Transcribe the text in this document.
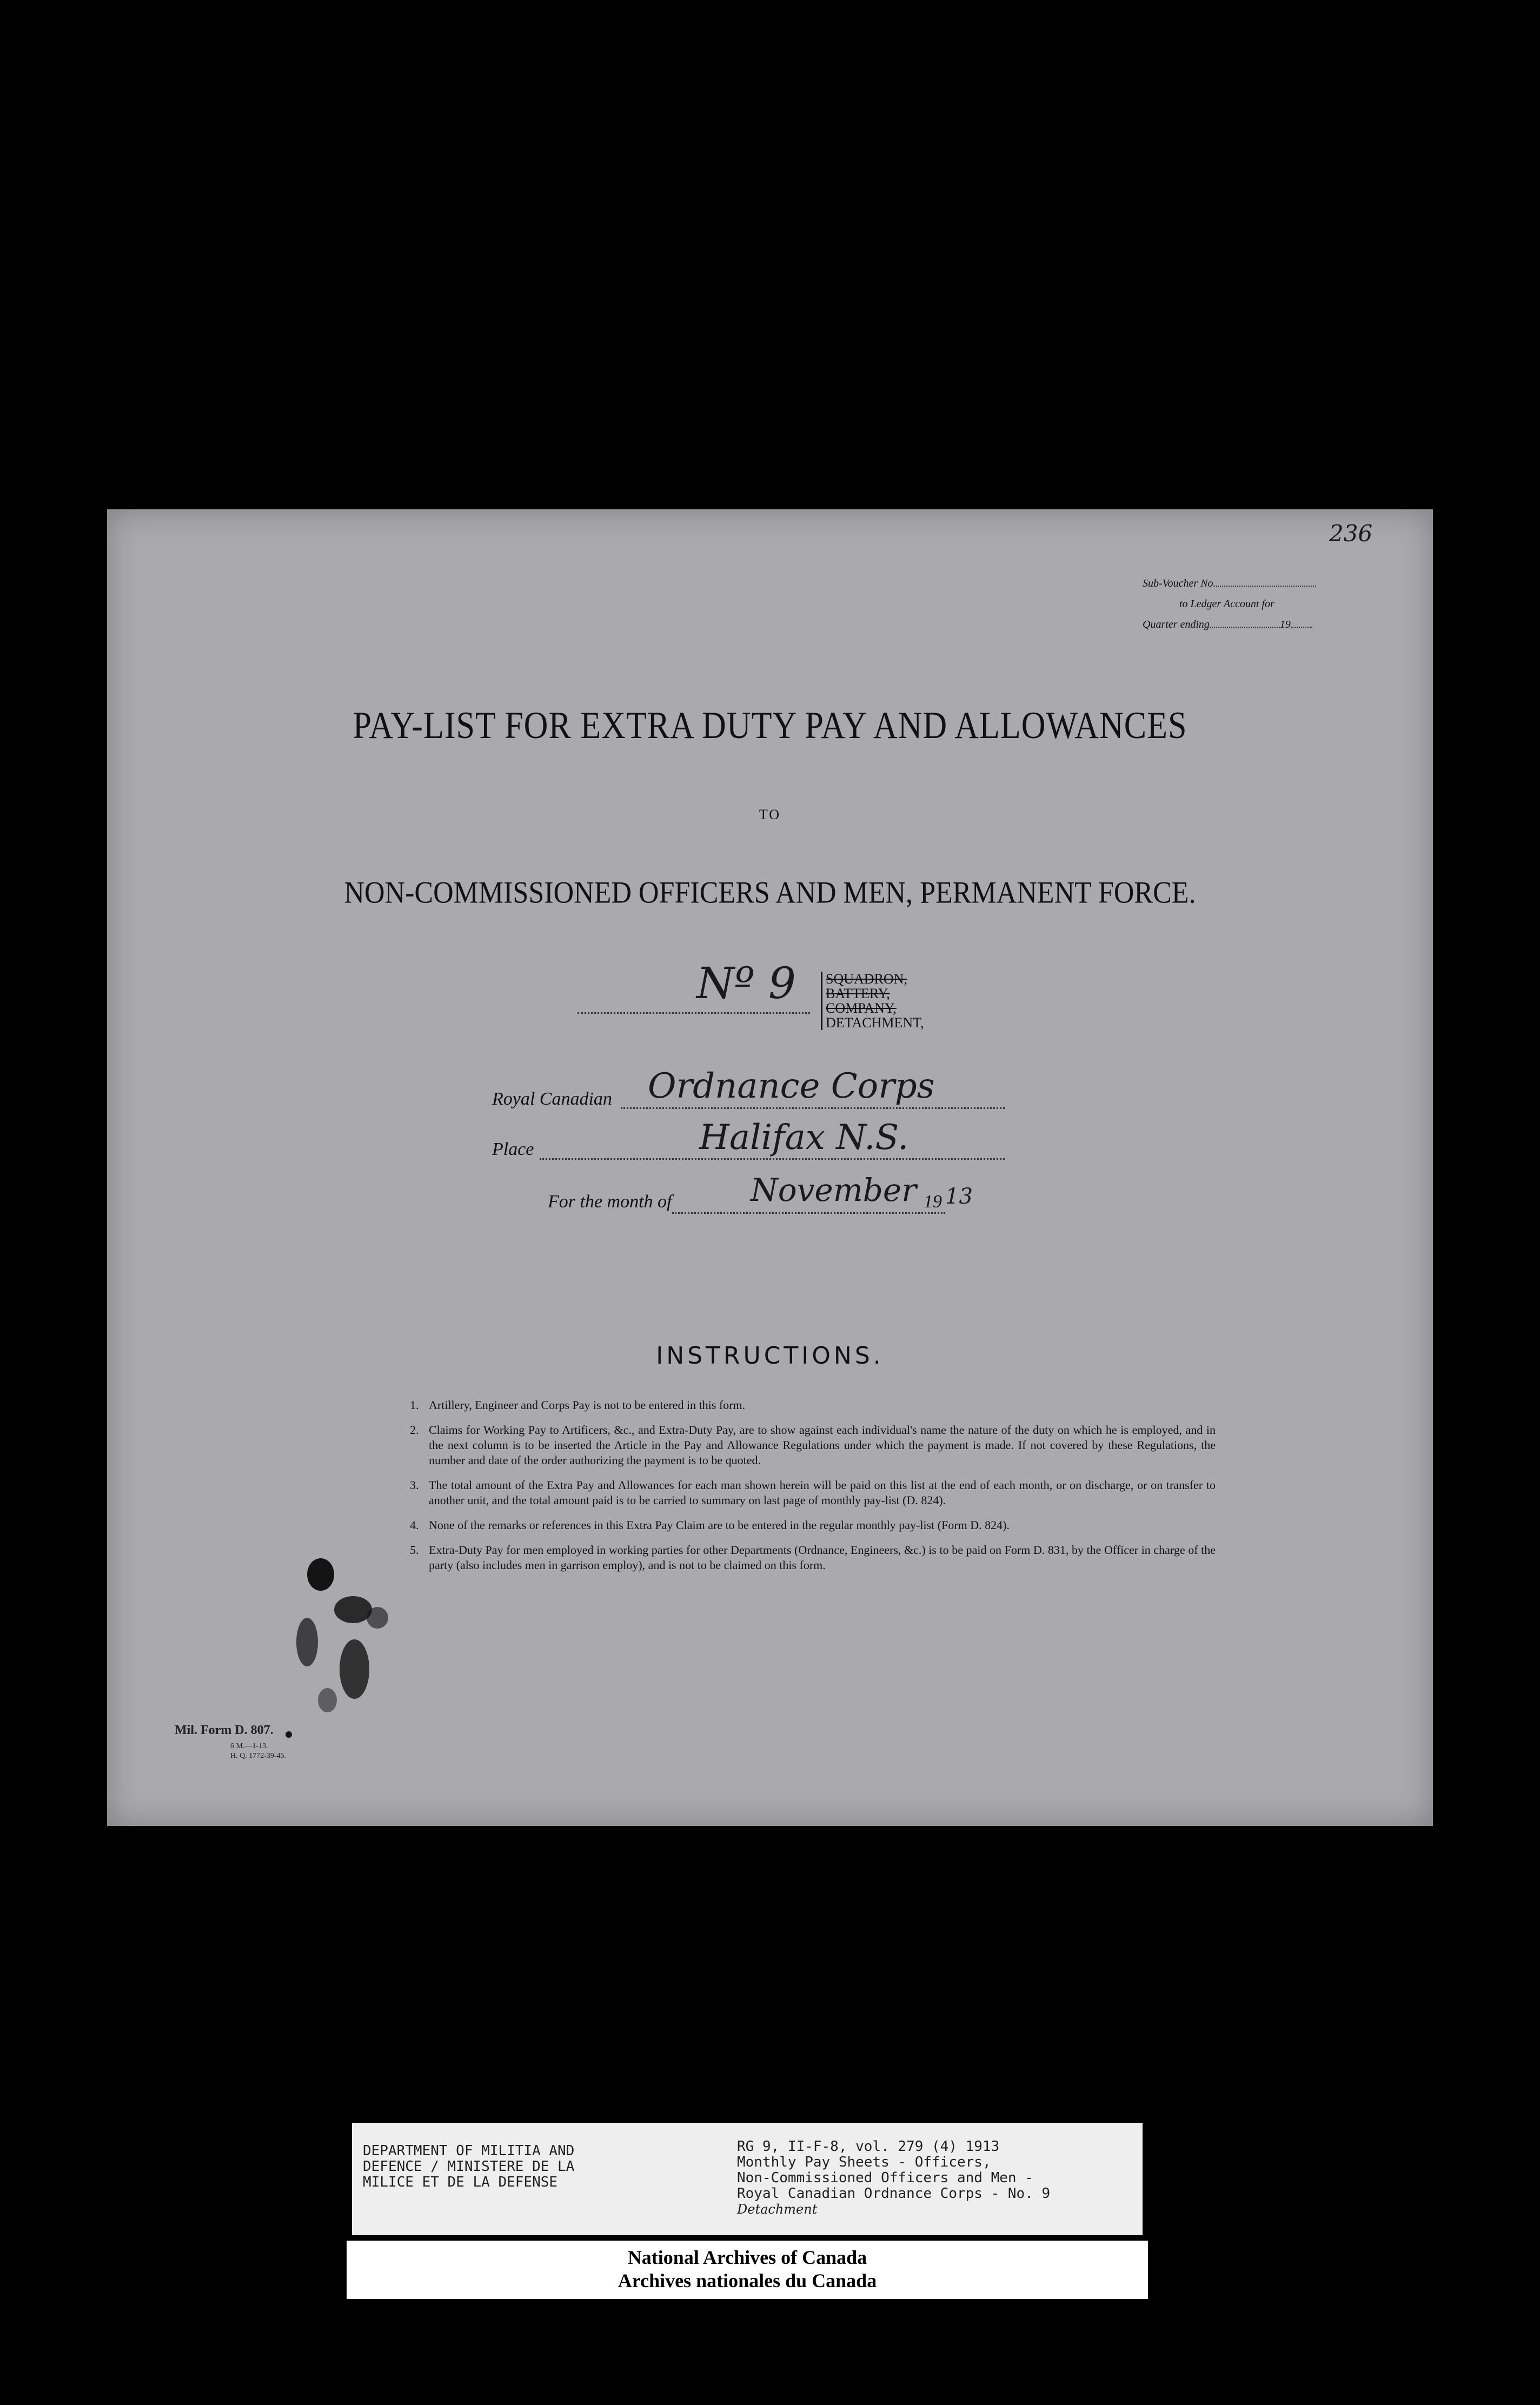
236
Sub-Voucher No.
to Ledger Account for
Quarter ending	19
PAY-LIST FOR EXTRA DUTY PAY AND ALLOWANCES
TO
NON-COMMISSIONED OFFICERS AND MEN, PERMANENT FORCE.
Nº 9 SQUADRON,
BATTERY,
COMPANY,
DETACHMENT,
Royal Canadian Ordnance Corps
Place	Halifax N.S.
For the month of	November 19 13
INSTRUCTIONS.
1. Artillery, Engineer and Corps Pay is not to be entered in this form.
2. Claims for Working Pay to Artificers, &c., and Extra-Duty Pay, are to show against each individual's name the nature of the duty on which he is employed, and in the next column is to be inserted the Article in the Pay and Allowance Regulations under which the payment is made. If not covered by these Regulations, the number and date of the order authorizing the payment is to be quoted.
3. The total amount of the Extra Pay and Allowances for each man shown herein will be paid on this list at the end of each month, or on discharge, or on transfer to another unit, and the total amount paid is to be carried to summary on last page of monthly pay-list (D. 824).
4. None of the remarks or references in this Extra Pay Claim are to be entered in the regular monthly pay-list (Form D. 824).
5. Extra-Duty Pay for men employed in working parties for other Departments (Ordnance, Engineers, &c.) is to be paid on Form D. 831, by the Officer in charge of the party (also includes men in garrison employ), and is not to be claimed on this form.
Mil. Form D. 807.
6 M.—1-13.
H. Q. 1772-39-45.
DEPARTMENT OF MILITIA AND
DEFENCE / MINISTERE DE LA
MILICE ET DE LA DEFENSE
RG 9, II-F-8, vol. 279 (4) 1913
Monthly Pay Sheets - Officers,
Non-Commissioned Officers and Men -
Royal Canadian Ordnance Corps - No. 9
Detachment
National Archives of Canada
Archives nationales du Canada
